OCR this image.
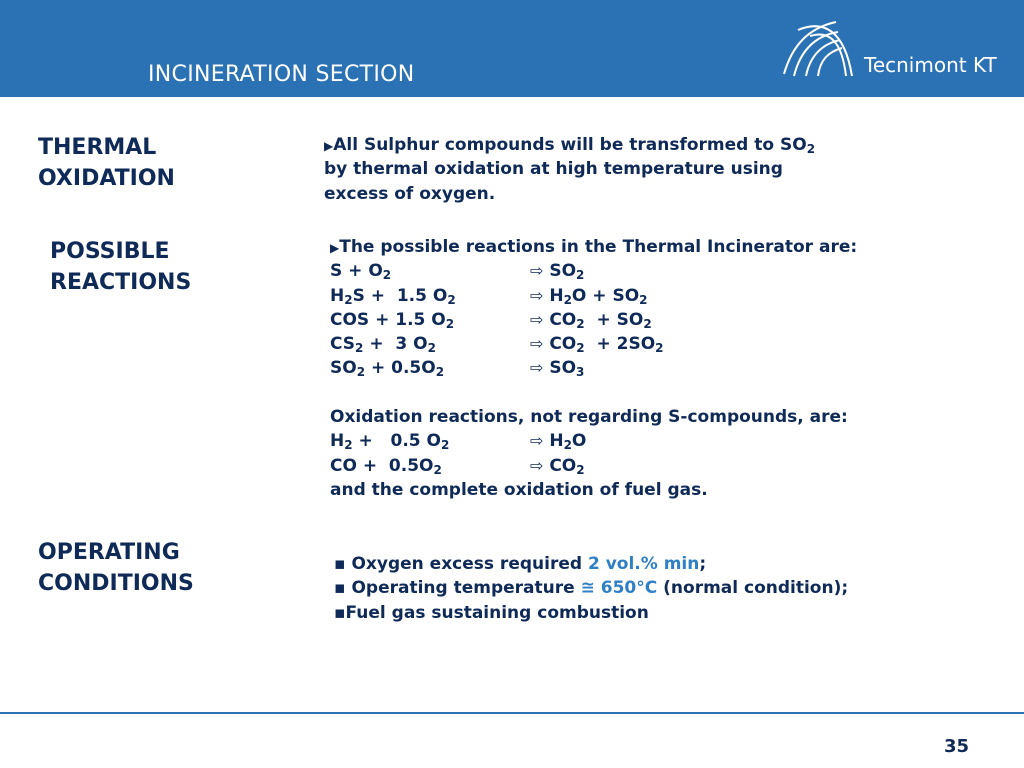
INCINERATION SECTION	Tecnimont KT
THERMAL
OXIDATION
▶All Sulphur compounds will be transformed to $SO_2$
by thermal oxidation at high temperature using
excess of oxygen.
POSSIBLE
REACTIONS
▶The possible reactions in the Thermal Incinerator are:
$S + O_2$	⇨ $SO_2$
$H_2S + 1.5$ $O_2$	⇨ $H_2O + SO_2$
COS + 1.5 $O_2$	⇨ $CO_2 + SO_2$
$CS_2 + 3$ $O_2$	⇨ $CO_2 + 2SO_2$
$SO_2 + 0.5O_2$	⇨ $SO_3$
Oxidation reactions, not regarding S-compounds, are:
$H_2 + 0.5$ $O_2$	⇨ $H_2O$
CO +  $0.5O_2$	⇨ $CO_2$
and the complete oxidation of fuel gas.
OPERATING
CONDITIONS
▪ Oxygen excess required 2 vol.% min;
▪ Operating temperature ≅ 650°C (normal condition);
▪Fuel gas sustaining combustion
35
